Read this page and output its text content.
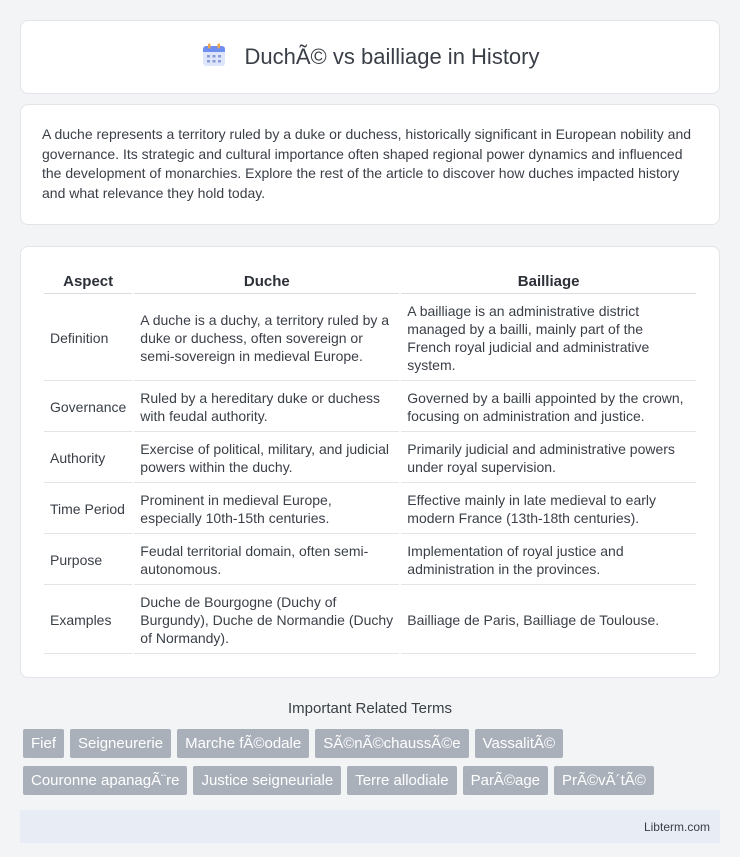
DuchÃ© vs bailliage in History

A duche represents a territory ruled by a duke or duchess, historically significant in European nobility and governance. Its strategic and cultural importance often shaped regional power dynamics and influenced the development of monarchies. Explore the rest of the article to discover how duches impacted history and what relevance they hold today.

Aspect	Duche	Bailliage
Definition	A duche is a duchy, a territory ruled by a duke or duchess, often sovereign or semi-sovereign in medieval Europe.	A bailliage is an administrative district managed by a bailli, mainly part of the French royal judicial and administrative system.
Governance	Ruled by a hereditary duke or duchess with feudal authority.	Governed by a bailli appointed by the crown, focusing on administration and justice.
Authority	Exercise of political, military, and judicial powers within the duchy.	Primarily judicial and administrative powers under royal supervision.
Time Period	Prominent in medieval Europe, especially 10th-15th centuries.	Effective mainly in late medieval to early modern France (13th-18th centuries).
Purpose	Feudal territorial domain, often semi-autonomous.	Implementation of royal justice and administration in the provinces.
Examples	Duche de Bourgogne (Duchy of Burgundy), Duche de Normandie (Duchy of Normandy).	Bailliage de Paris, Bailliage de Toulouse.
Important Related Terms
Fief	Seigneurerie	Marche fÃ©odale	SÃ©nÃ©chaussÃ©e	VassalitÃ©
Couronne apanagÃ¨re	Justice seigneuriale	Terre allodiale	ParÃ©age	PrÃ©vÃ´tÃ©
Libterm.com
